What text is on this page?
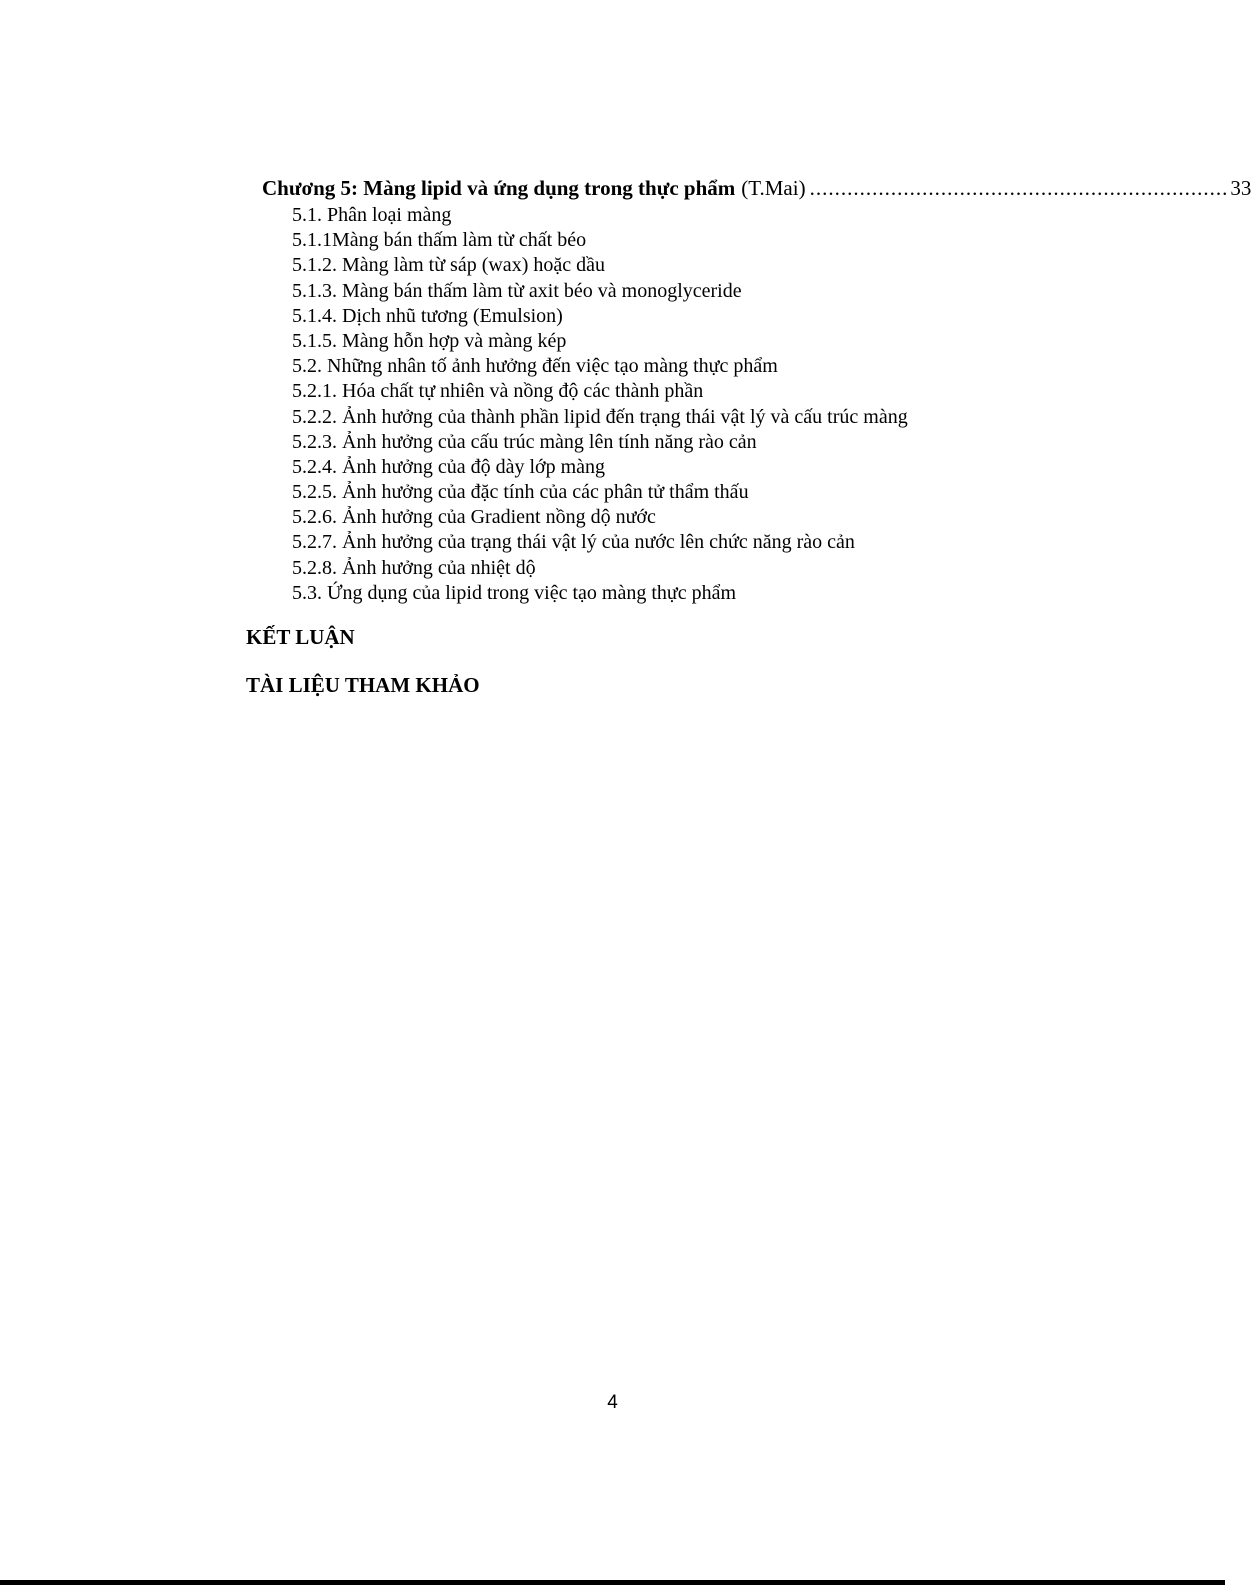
Chương 5: Màng lipid và ứng dụng trong thực phẩm (T.Mai) ................................................................... 33
5.1. Phân loại màng
5.1.1Màng bán thấm làm từ chất béo
5.1.2. Màng làm từ sáp (wax) hoặc dầu
5.1.3. Màng bán thấm làm từ axit béo và monoglyceride
5.1.4. Dịch nhũ tương (Emulsion)
5.1.5. Màng hỗn hợp và màng kép
5.2. Những nhân tố ảnh hưởng đến việc tạo màng thực phẩm
5.2.1. Hóa chất tự nhiên và nồng độ các thành phần
5.2.2. Ảnh hưởng của thành phần lipid đến trạng thái vật lý và cấu trúc màng
5.2.3. Ảnh hưởng của cấu trúc màng lên tính năng rào cản
5.2.4. Ảnh hưởng của độ dày lớp màng
5.2.5. Ảnh hưởng của đặc tính của các phân tử thẩm thấu
5.2.6. Ảnh hưởng của Gradient nồng dộ nước
5.2.7. Ảnh hưởng của trạng thái vật lý của nước lên chức năng rào cản
5.2.8. Ảnh hưởng của nhiệt dộ
5.3. Ứng dụng của lipid trong việc tạo màng thực phẩm
KẾT LUẬN
TÀI LIỆU THAM KHẢO
4
